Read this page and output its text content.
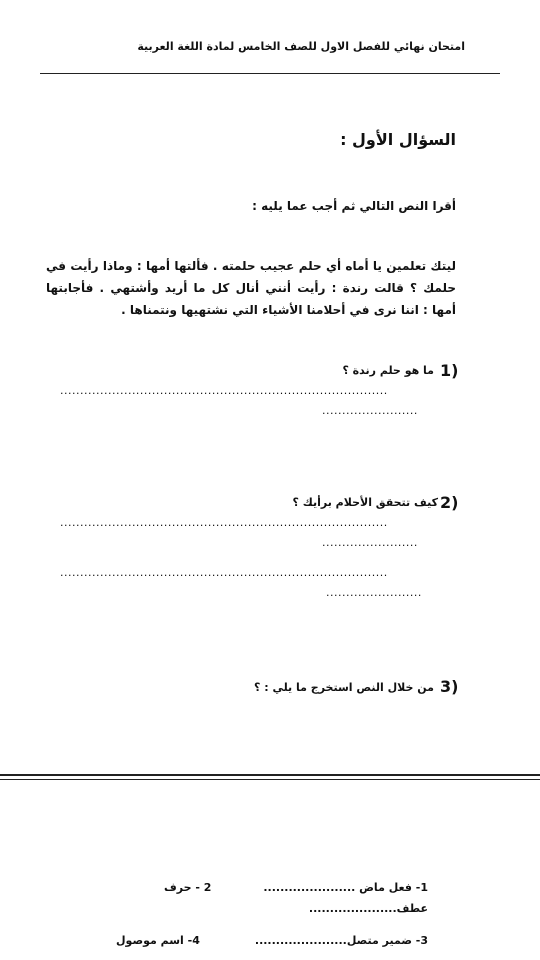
امتحان نهائي للفصل الاول للصف الخامس لمادة اللغة العربية
السؤال الأول :
أقرا النص التالي ثم أجب عما يليه :
ليتك تعلمين يا أماه أي حلم عجيب حلمته . فألتها أمها : وماذا رأيت في حلمك ؟ قالت رندة : رأيت أنني أنال كل ما أريد وأشتهي . فأجابتها أمها : اننا نرى في أحلامنا الأشياء التي نشتهيها ونتمناها .
1)
ما هو حلم رندة ؟
..................................................................................
........................
2)
كيف تتحقق الأحلام برأيك ؟
..................................................................................
........................
..................................................................................
........................
3)
من خلال النص استخرج ما يلي : ؟
1- فعل ماض ......................
2 - حرف
عطف.....................
3- ضمير متصل......................
4- اسم موصول
